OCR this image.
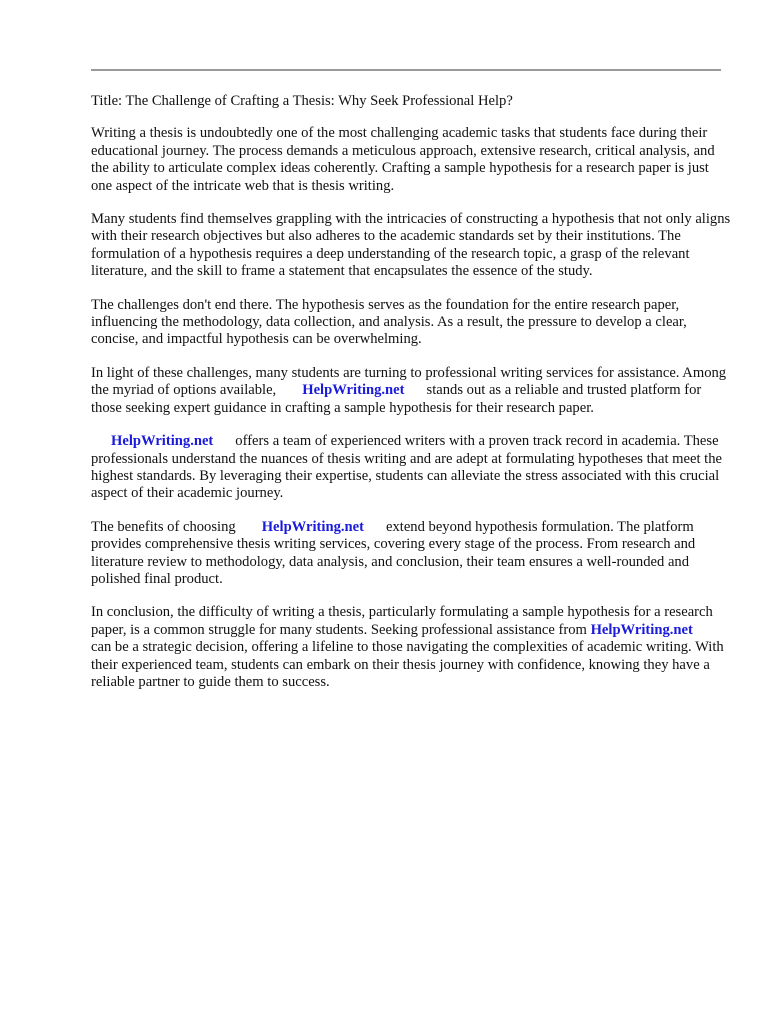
Title: The Challenge of Crafting a Thesis: Why Seek Professional Help?

Writing a thesis is undoubtedly one of the most challenging academic tasks that students face during their educational journey. The process demands a meticulous approach, extensive research, critical analysis, and the ability to articulate complex ideas coherently. Crafting a sample hypothesis for a research paper is just one aspect of the intricate web that is thesis writing.

Many students find themselves grappling with the intricacies of constructing a hypothesis that not only aligns with their research objectives but also adheres to the academic standards set by their institutions. The formulation of a hypothesis requires a deep understanding of the research topic, a grasp of the relevant literature, and the skill to frame a statement that encapsulates the essence of the study.

The challenges don't end there. The hypothesis serves as the foundation for the entire research paper, influencing the methodology, data collection, and analysis. As a result, the pressure to develop a clear, concise, and impactful hypothesis can be overwhelming.

In light of these challenges, many students are turning to professional writing services for assistance. Among the myriad of options available, HelpWriting.net stands out as a reliable and trusted platform for those seeking expert guidance in crafting a sample hypothesis for their research paper.

HelpWriting.net offers a team of experienced writers with a proven track record in academia. These professionals understand the nuances of thesis writing and are adept at formulating hypotheses that meet the highest standards. By leveraging their expertise, students can alleviate the stress associated with this crucial aspect of their academic journey.

The benefits of choosing HelpWriting.net extend beyond hypothesis formulation. The platform provides comprehensive thesis writing services, covering every stage of the process. From research and literature review to methodology, data analysis, and conclusion, their team ensures a well-rounded and polished final product.

In conclusion, the difficulty of writing a thesis, particularly formulating a sample hypothesis for a research paper, is a common struggle for many students. Seeking professional assistance from HelpWriting.netcan be a strategic decision, offering a lifeline to those navigating the complexities of academic writing. With their experienced team, students can embark on their thesis journey with confidence, knowing they have a reliable partner to guide them to success.
